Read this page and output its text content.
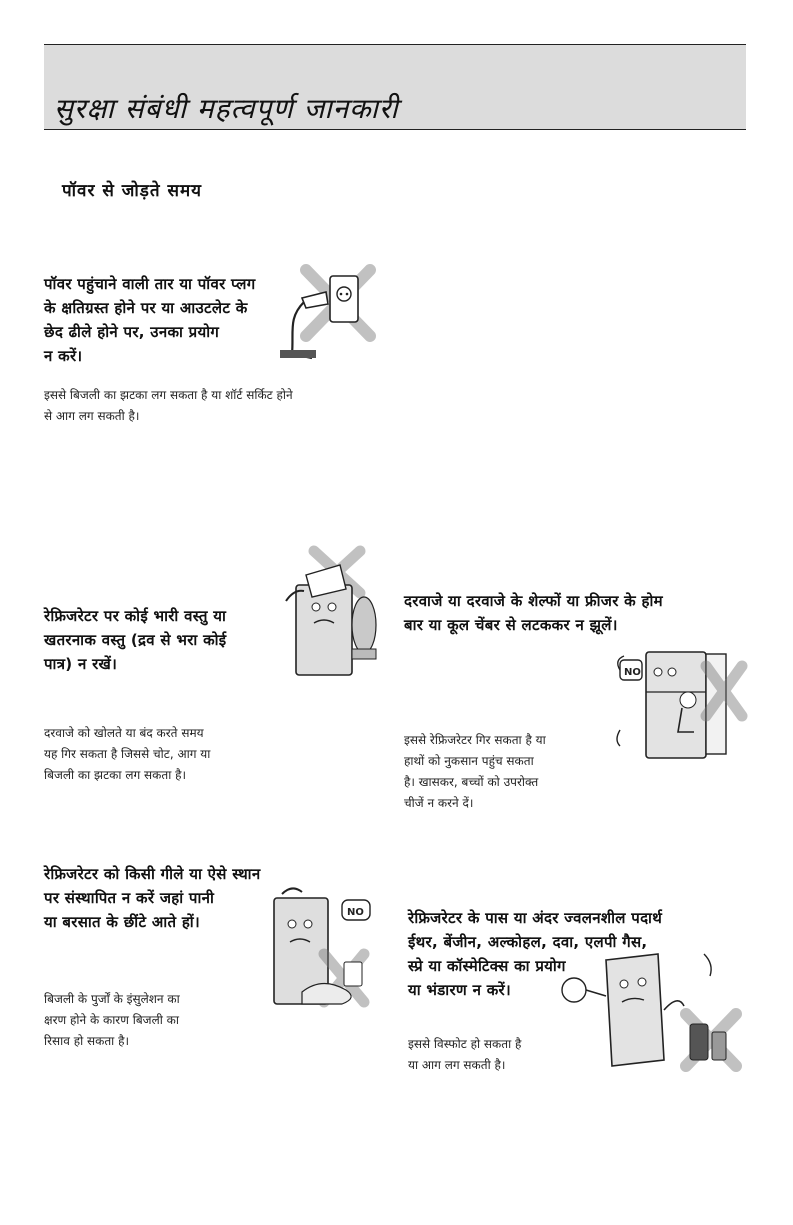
सुरक्षा संबंधी महत्वपूर्ण जानकारी
पॉवर से जोड़ते समय
पॉवर पहुंचाने वाली तार या पॉवर प्लग
के क्षतिग्रस्त होने पर या आउटलेट के
छेद ढीले होने पर, उनका प्रयोग
न करें।
इससे बिजली का झटका लग सकता है या शॉर्ट सर्किट होने
से आग लग सकती है।
रेफ्रिजरेटर पर कोई भारी वस्तु या
खतरनाक वस्तु (द्रव से भरा कोई
पात्र) न रखें।
दरवाजे को खोलते या बंद करते समय
यह गिर सकता है जिससे चोट, आग या
बिजली का झटका लग सकता है।
दरवाजे या दरवाजे के शेल्फों या फ्रीजर के होम
बार या कूल चेंबर से लटककर न झूलें।
इससे रेफ्रिजरेटर गिर सकता है या
हाथों को नुकसान पहुंच सकता
है। खासकर, बच्चों को उपरोक्त
चीजें न करने दें।
NO
रेफ्रिजरेटर को किसी गीले या ऐसे स्थान
पर संस्थापित न करें जहां पानी
या बरसात के छींटे आते हों।
बिजली के पुर्जों के इंसुलेशन का
क्षरण होने के कारण बिजली का
रिसाव हो सकता है।
NO	रेफ्रिजरेटर के पास या अंदर ज्वलनशील पदार्थ
ईथर, बेंजीन, अल्कोहल, दवा, एलपी गैस,
स्प्रे या कॉस्मेटिक्स का प्रयोग
या भंडारण न करें।
इससे विस्फोट हो सकता है
या आग लग सकती है।
